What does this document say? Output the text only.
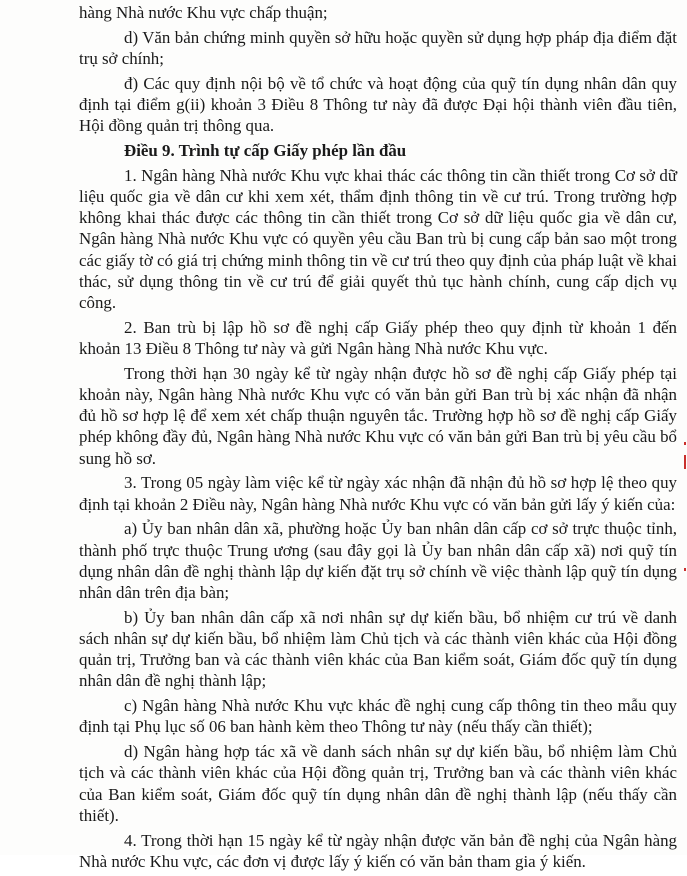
hàng Nhà nước Khu vực chấp thuận;

d) Văn bản chứng minh quyền sở hữu hoặc quyền sử dụng hợp pháp địa điểm đặt trụ sở chính;

đ) Các quy định nội bộ về tổ chức và hoạt động của quỹ tín dụng nhân dân quy định tại điểm g(ii) khoản 3 Điều 8 Thông tư này đã được Đại hội thành viên đầu tiên, Hội đồng quản trị thông qua.

Điều 9. Trình tự cấp Giấy phép lần đầu

1. Ngân hàng Nhà nước Khu vực khai thác các thông tin cần thiết trong Cơ sở dữ liệu quốc gia về dân cư khi xem xét, thẩm định thông tin về cư trú. Trong trường hợp không khai thác được các thông tin cần thiết trong Cơ sở dữ liệu quốc gia về dân cư, Ngân hàng Nhà nước Khu vực có quyền yêu cầu Ban trù bị cung cấp bản sao một trong các giấy tờ có giá trị chứng minh thông tin về cư trú theo quy định của pháp luật về khai thác, sử dụng thông tin về cư trú để giải quyết thủ tục hành chính, cung cấp dịch vụ công.

2. Ban trù bị lập hồ sơ đề nghị cấp Giấy phép theo quy định từ khoản 1 đến khoản 13 Điều 8 Thông tư này và gửi Ngân hàng Nhà nước Khu vực.

Trong thời hạn 30 ngày kể từ ngày nhận được hồ sơ đề nghị cấp Giấy phép tại khoản này, Ngân hàng Nhà nước Khu vực có văn bản gửi Ban trù bị xác nhận đã nhận đủ hồ sơ hợp lệ để xem xét chấp thuận nguyên tắc. Trường hợp hồ sơ đề nghị cấp Giấy phép không đầy đủ, Ngân hàng Nhà nước Khu vực có văn bản gửi Ban trù bị yêu cầu bổ sung hồ sơ.

3. Trong 05 ngày làm việc kể từ ngày xác nhận đã nhận đủ hồ sơ hợp lệ theo quy định tại khoản 2 Điều này, Ngân hàng Nhà nước Khu vực có văn bản gửi lấy ý kiến của:

a) Ủy ban nhân dân xã, phường hoặc Ủy ban nhân dân cấp cơ sở trực thuộc tỉnh, thành phố trực thuộc Trung ương (sau đây gọi là Ủy ban nhân dân cấp xã) nơi quỹ tín dụng nhân dân đề nghị thành lập dự kiến đặt trụ sở chính về việc thành lập quỹ tín dụng nhân dân trên địa bàn;

b) Ủy ban nhân dân cấp xã nơi nhân sự dự kiến bầu, bổ nhiệm cư trú về danh sách nhân sự dự kiến bầu, bổ nhiệm làm Chủ tịch và các thành viên khác của Hội đồng quản trị, Trưởng ban và các thành viên khác của Ban kiểm soát, Giám đốc quỹ tín dụng nhân dân đề nghị thành lập;

c) Ngân hàng Nhà nước Khu vực khác đề nghị cung cấp thông tin theo mẫu quy định tại Phụ lục số 06 ban hành kèm theo Thông tư này (nếu thấy cần thiết);

d) Ngân hàng hợp tác xã về danh sách nhân sự dự kiến bầu, bổ nhiệm làm Chủ tịch và các thành viên khác của Hội đồng quản trị, Trưởng ban và các thành viên khác của Ban kiểm soát, Giám đốc quỹ tín dụng nhân dân đề nghị thành lập (nếu thấy cần thiết).

4. Trong thời hạn 15 ngày kể từ ngày nhận được văn bản đề nghị của Ngân hàng Nhà nước Khu vực, các đơn vị được lấy ý kiến có văn bản tham gia ý kiến.
